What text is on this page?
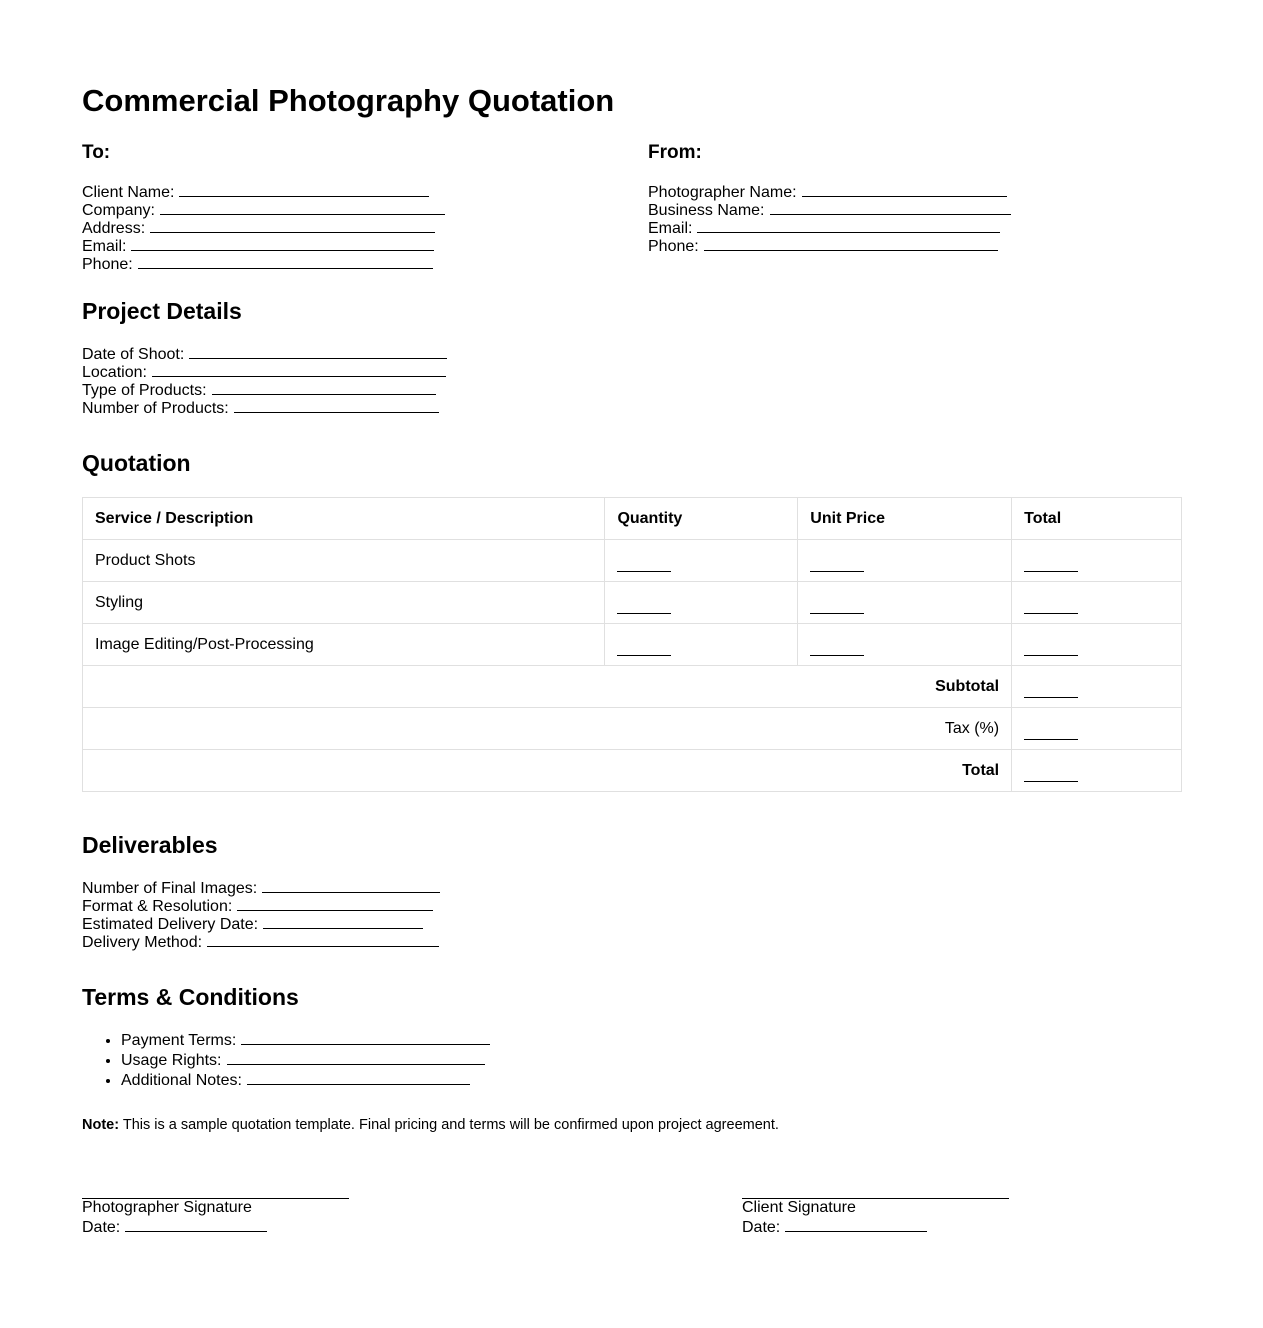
Commercial Photography Quotation
To:
Client Name:
Company:
Address:
Email:
Phone:
From:
Photographer Name:
Business Name:
Email:
Phone:
Project Details
Date of Shoot:
Location:
Type of Products:
Number of Products:
Quotation
Service / Description	Quantity	Unit Price	Total
Product Shots			
Styling			
Image Editing/Post-Processing			
Subtotal			
Tax (%)			
Total			
Deliverables
Number of Final Images:
Format & Resolution:
Estimated Delivery Date:
Delivery Method:
Terms & Conditions
• Payment Terms:
• Usage Rights:
• Additional Notes:
Note: This is a sample quotation template. Final pricing and terms will be confirmed upon project agreement.
Photographer Signature
Date:
Client Signature
Date:
